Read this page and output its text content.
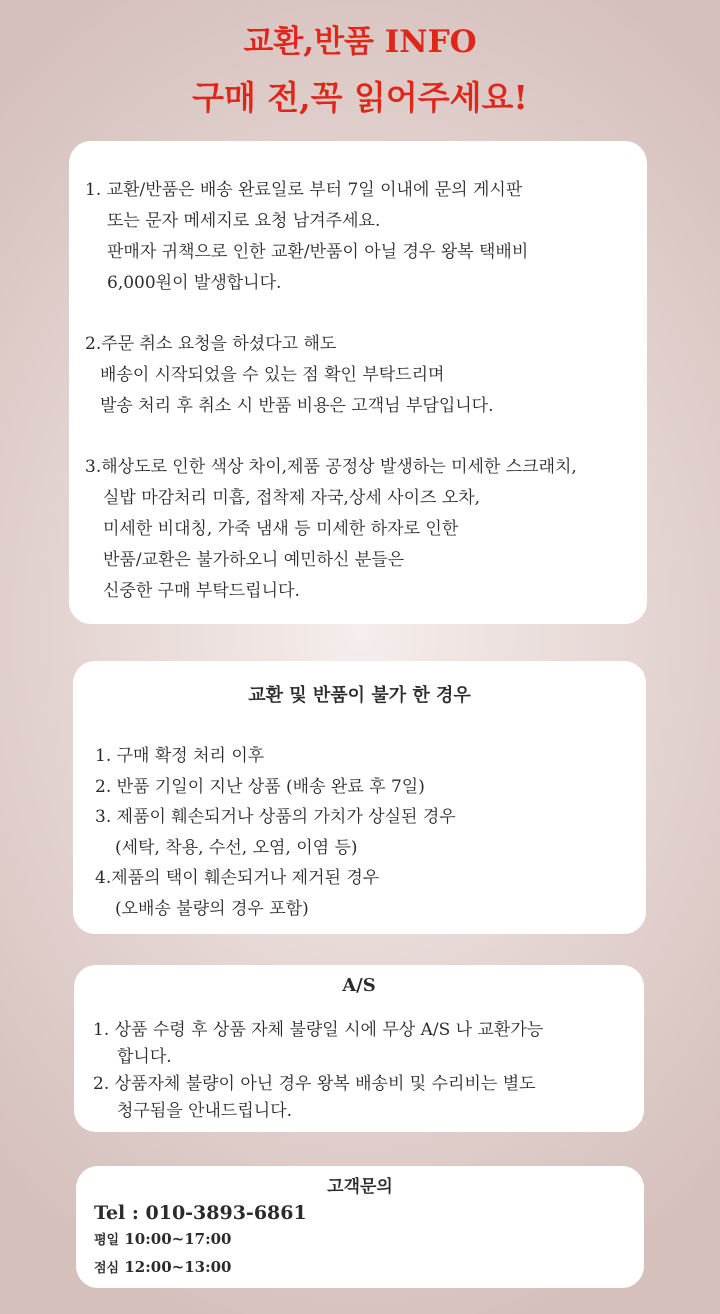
교환,반품 INFO
구매 전,꼭 읽어주세요!
1. 교환/반품은 배송 완료일로 부터 7일 이내에 문의 게시판
또는 문자 메세지로 요청 남겨주세요.
판매자 귀책으로 인한 교환/반품이 아닐 경우 왕복 택배비
6,000원이 발생합니다.
2.주문 취소 요청을 하셨다고 해도
배송이 시작되었을 수 있는 점 확인 부탁드리며
발송 처리 후 취소 시 반품 비용은 고객님 부담입니다.
3.해상도로 인한 색상 차이,제품 공정상 발생하는 미세한 스크래치,
실밥 마감처리 미흡, 접착제 자국,상세 사이즈 오차,
미세한 비대칭, 가죽 냄새 등 미세한 하자로 인한
반품/교환은 불가하오니 예민하신 분들은
신중한 구매 부탁드립니다.
교환 및 반품이 불가 한 경우
1. 구매 확정 처리 이후
2. 반품 기일이 지난 상품 (배송 완료 후 7일)
3. 제품이 훼손되거나 상품의 가치가 상실된 경우
(세탁, 착용, 수선, 오염, 이염 등)
4.제품의 택이 훼손되거나 제거된 경우
(오배송 불량의 경우 포함)
A/S
1. 상품 수령 후 상품 자체 불량일 시에 무상 A/S 나 교환가능
합니다.
2. 상품자체 불량이 아닌 경우 왕복 배송비 및 수리비는 별도
청구됨을 안내드립니다.
고객문의
Tel : 010-3893-6861
평일 10:00~17:00
점심 12:00~13:00
